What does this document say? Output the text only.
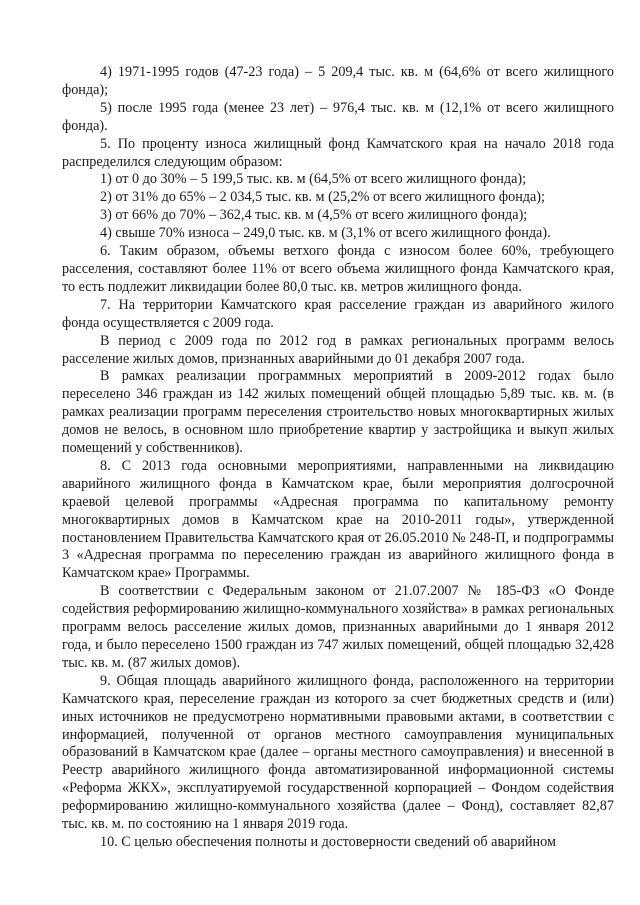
4) 1971-1995 годов (47-23 года) – 5 209,4 тыс. кв. м (64,6% от всего жилищного фонда);

5) после 1995 года (менее 23 лет) – 976,4 тыс. кв. м (12,1% от всего жилищного фонда).

5. По проценту износа жилищный фонд Камчатского края на начало 2018 года распределился следующим образом:

1) от 0 до 30% – 5 199,5 тыс. кв. м (64,5% от всего жилищного фонда);

2) от 31% до 65% – 2 034,5 тыс. кв. м (25,2% от всего жилищного фонда);

3) от 66% до 70% – 362,4 тыс. кв. м (4,5% от всего жилищного фонда);

4) свыше 70% износа – 249,0 тыс. кв. м (3,1% от всего жилищного фонда).

6. Таким образом, объемы ветхого фонда с износом более 60%, требующего расселения, составляют более 11% от всего объема жилищного фонда Камчатского края, то есть подлежит ликвидации более 80,0 тыс. кв. метров жилищного фонда.

7. На территории Камчатского края расселение граждан из аварийного жилого фонда осуществляется с 2009 года.

В период с 2009 года по 2012 год в рамках региональных программ велось расселение жилых домов, признанных аварийными до 01 декабря 2007 года.

В рамках реализации программных мероприятий в 2009-2012 годах было переселено 346 граждан из 142 жилых помещений общей площадью 5,89 тыс. кв. м. (в рамках реализации программ переселения строительство новых многоквартирных жилых домов не велось, в основном шло приобретение квартир у застройщика и выкуп жилых помещений у собственников).

8. С 2013 года основными мероприятиями, направленными на ликвидацию аварийного жилищного фонда в Камчатском крае, были мероприятия долгосрочной краевой целевой программы «Адресная программа по капитальному ремонту многоквартирных домов в Камчатском крае на 2010-2011 годы», утвержденной постановлением Правительства Камчатского края от 26.05.2010 № 248-П, и подпрограммы 3 «Адресная программа по переселению граждан из аварийного жилищного фонда в Камчатском крае» Программы.

В соответствии с Федеральным законом от 21.07.2007 № 185-ФЗ «О Фонде содействия реформированию жилищно-коммунального хозяйства» в рамках региональных программ велось расселение жилых домов, признанных аварийными до 1 января 2012 года, и было переселено 1500 граждан из 747 жилых помещений, общей площадью 32,428 тыс. кв. м. (87 жилых домов).

9. Общая площадь аварийного жилищного фонда, расположенного на территории Камчатского края, переселение граждан из которого за счет бюджетных средств и (или) иных источников не предусмотрено нормативными правовыми актами, в соответствии с информацией, полученной от органов местного самоуправления муниципальных образований в Камчатском крае (далее – органы местного самоуправления) и внесенной в Реестр аварийного жилищного фонда автоматизированной информационной системы «Реформа ЖКХ», эксплуатируемой государственной корпорацией – Фондом содействия реформированию жилищно-коммунального хозяйства (далее – Фонд), составляет 82,87 тыс. кв. м. по состоянию на 1 января 2019 года.

10. С целью обеспечения полноты и достоверности сведений об аварийном
